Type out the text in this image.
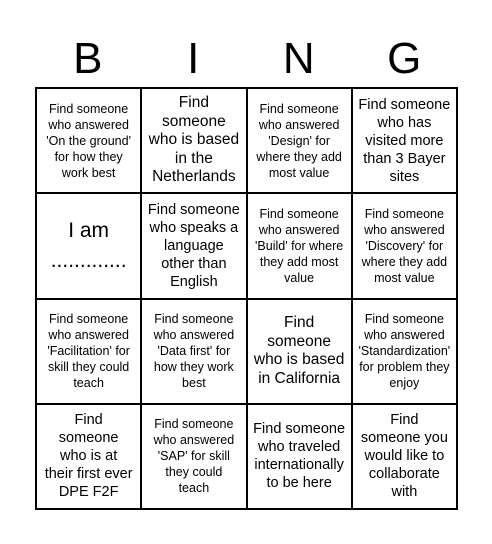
B	I	N	G
Find someone
who answered
'On the ground'
for how they
work best
Find
someone
who is based
in the
Netherlands
Find someone
who answered
'Design' for
where they add
most value
Find someone
who has
visited more
than 3 Bayer
sites
I am
.............
Find someone
who speaks a
language
other than
English
Find someone
who answered
'Build' for where
they add most
value
Find someone
who answered
'Discovery' for
where they add
most value
Find someone
who answered
'Facilitation' for
skill they could
teach
Find someone
who answered
'Data first' for
how they work
best
Find
someone
who is based
in California
Find someone
who answered
'Standardization'
for problem they
enjoy
Find
someone
who is at
their first ever
DPE F2F
Find someone
who answered
'SAP' for skill
they could
teach
Find someone
who traveled
internationally
to be here
Find
someone you
would like to
collaborate
with
